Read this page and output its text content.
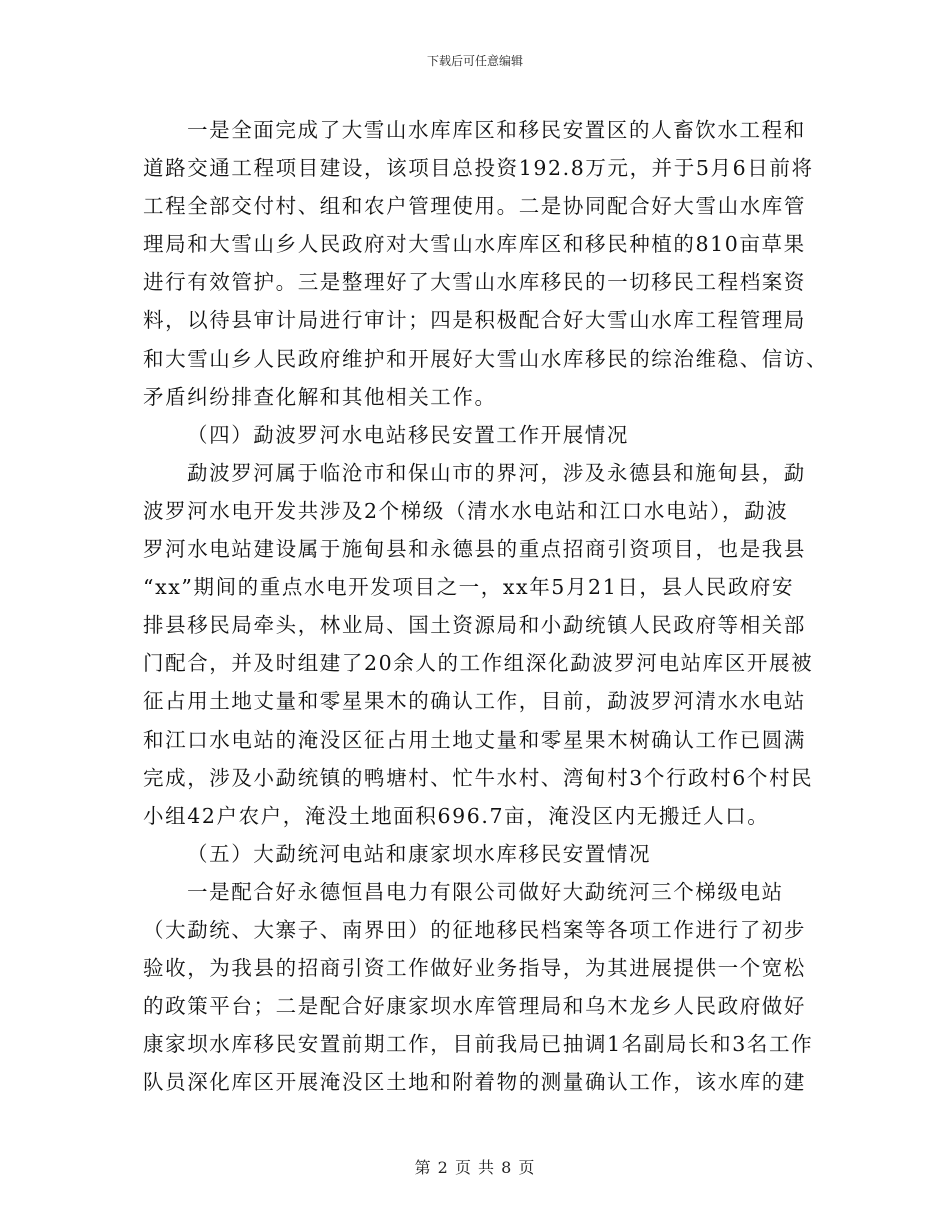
下载后可任意编辑
一是全面完成了大雪山水库库区和移民安置区的人畜饮水工程和
道路交通工程项目建设，该项目总投资192.8万元，并于5月6日前将
工程全部交付村、组和农户管理使用。二是协同配合好大雪山水库管
理局和大雪山乡人民政府对大雪山水库库区和移民种植的810亩草果
进行有效管护。三是整理好了大雪山水库移民的一切移民工程档案资
料，以待县审计局进行审计；四是积极配合好大雪山水库工程管理局
和大雪山乡人民政府维护和开展好大雪山水库移民的综治维稳、信访、
矛盾纠纷排查化解和其他相关工作。
（四）勐波罗河水电站移民安置工作开展情况
勐波罗河属于临沧市和保山市的界河，涉及永德县和施甸县，勐
波罗河水电开发共涉及2个梯级（清水水电站和江口水电站），勐波
罗河水电站建设属于施甸县和永德县的重点招商引资项目，也是我县
“xx”期间的重点水电开发项目之一，xx年5月21日，县人民政府安
排县移民局牵头，林业局、国土资源局和小勐统镇人民政府等相关部
门配合，并及时组建了20余人的工作组深化勐波罗河电站库区开展被
征占用土地丈量和零星果木的确认工作，目前，勐波罗河清水水电站
和江口水电站的淹没区征占用土地丈量和零星果木树确认工作已圆满
完成，涉及小勐统镇的鸭塘村、忙牛水村、湾甸村3个行政村6个村民
小组42户农户，淹没土地面积696.7亩，淹没区内无搬迁人口。
（五）大勐统河电站和康家坝水库移民安置情况
一是配合好永德恒昌电力有限公司做好大勐统河三个梯级电站
（大勐统、大寨子、南界田）的征地移民档案等各项工作进行了初步
验收，为我县的招商引资工作做好业务指导，为其进展提供一个宽松
的政策平台；二是配合好康家坝水库管理局和乌木龙乡人民政府做好
康家坝水库移民安置前期工作，目前我局已抽调1名副局长和3名工作
队员深化库区开展淹没区土地和附着物的测量确认工作，该水库的建
第 2 页 共 8 页
